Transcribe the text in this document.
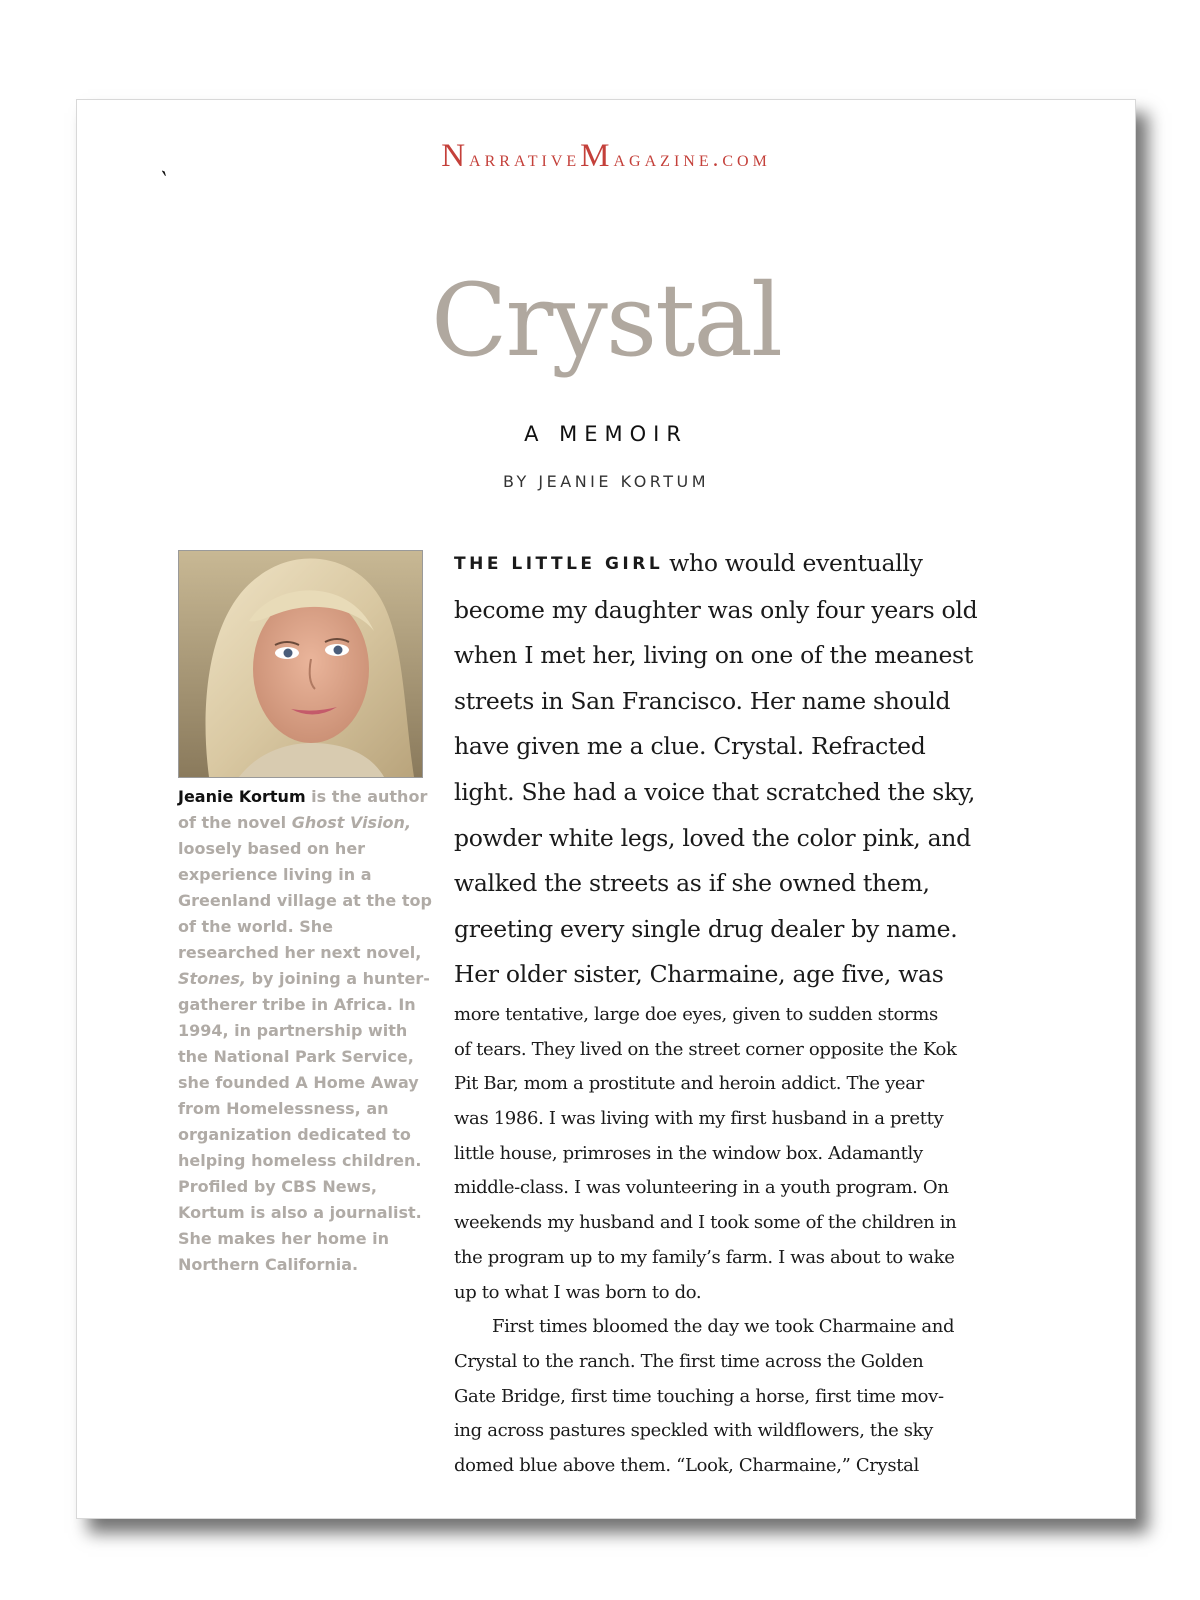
NarrativeMagazine.com
`
Crystal
A MEMOIR
BY JEANIE KORTUM

Jeanie Kortum is the author of the novel Ghost Vision, loosely based on her experience living in a Greenland village at the top of the world. She researched her next novel, Stones, by joining a hunter-gatherer tribe in Africa. In 1994, in partnership with the National Park Service, she founded A Home Away from Homelessness, an organization dedicated to helping homeless children. Profiled by CBS News, Kortum is also a journalist. She makes her home in Northern California.

THE LITTLE GIRL who would eventually
become my daughter was only four years old
when I met her, living on one of the meanest
streets in San Francisco. Her name should
have given me a clue. Crystal. Refracted
light. She had a voice that scratched the sky,
powder white legs, loved the color pink, and
walked the streets as if she owned them,
greeting every single drug dealer by name.
Her older sister, Charmaine, age five, was
more tentative, large doe eyes, given to sudden storms
of tears. They lived on the street corner opposite the Kok
Pit Bar, mom a prostitute and heroin addict. The year
was 1986. I was living with my first husband in a pretty
little house, primroses in the window box. Adamantly
middle-class. I was volunteering in a youth program. On
weekends my husband and I took some of the children in
the program up to my family’s farm. I was about to wake
up to what I was born to do.
First times bloomed the day we took Charmaine and
Crystal to the ranch. The first time across the Golden
Gate Bridge, first time touching a horse, first time mov-
ing across pastures speckled with wildflowers, the sky
domed blue above them. “Look, Charmaine,” Crystal
